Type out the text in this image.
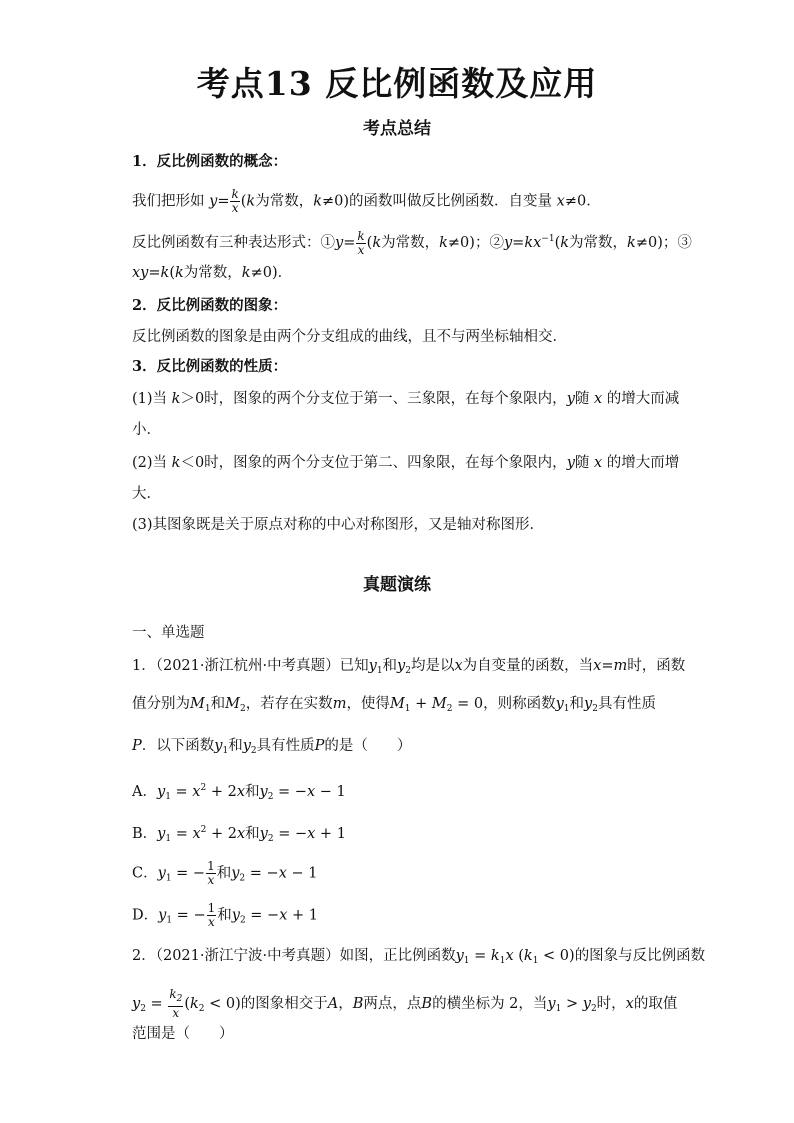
考点13 反比例函数及应用
考点总结
1．反比例函数的概念：
我们把形如 $y= \frac{k}{x} (k$为常数，k≠0)的函数叫做反比例函数．自变量 x≠0．
反比例函数有三种表达形式：①y= $\frac{k}{x} (k$为常数，k≠0)；$②y=kx^{-1}(k$为常数，k≠0)；③
xy=k(k为常数，k≠0)．
2．反比例函数的图象：
反比例函数的图象是由两个分支组成的曲线，且不与两坐标轴相交．
3．反比例函数的性质：
(1)当 k＞0时，图象的两个分支位于第一、三象限，在每个象限内，y随 x 的增大而减
小．
(2)当 k＜0时，图象的两个分支位于第二、四象限，在每个象限内，y随 x 的增大而增
大．
(3)其图象既是关于原点对称的中心对称图形，又是轴对称图形．
真题演练
一、单选题
1．（2021·浙江杭州·中考真题）已知$y_1$和$y_2$均是以x为自变量的函数，当x=m时，函数
值分别为$M_1$和$M_2$，若存在实数m，使得$M_1 + M_2 = 0$，则称函数$y_1$和$y_2$具有性质
P．以下函数$y_1$和$y_2$具有性质P的是（　　）
A．$y_1 = x^2 + 2x$和$y_2 = -x - 1$
B．$y_1 = x^2 + 2x$和$y_2 = -x + 1$
C．$y_1$ = − $\frac{1}{x}$ 和$y_2 = -x - 1$
D．$y_1$ = − $\frac{1}{x}$ 和$y_2 = -x + 1$
2．（2021·浙江宁波·中考真题）如图，正比例函数$y_1 = k_1x$ $(k_1 < 0)$的图象与反比例函数
$y_2 = \frac{k_2}{x} (k_2 < 0)$的图象相交于A，B两点，点B的横坐标为 2，当$y_1 > y_2$时，x的取值
范围是（　　）
